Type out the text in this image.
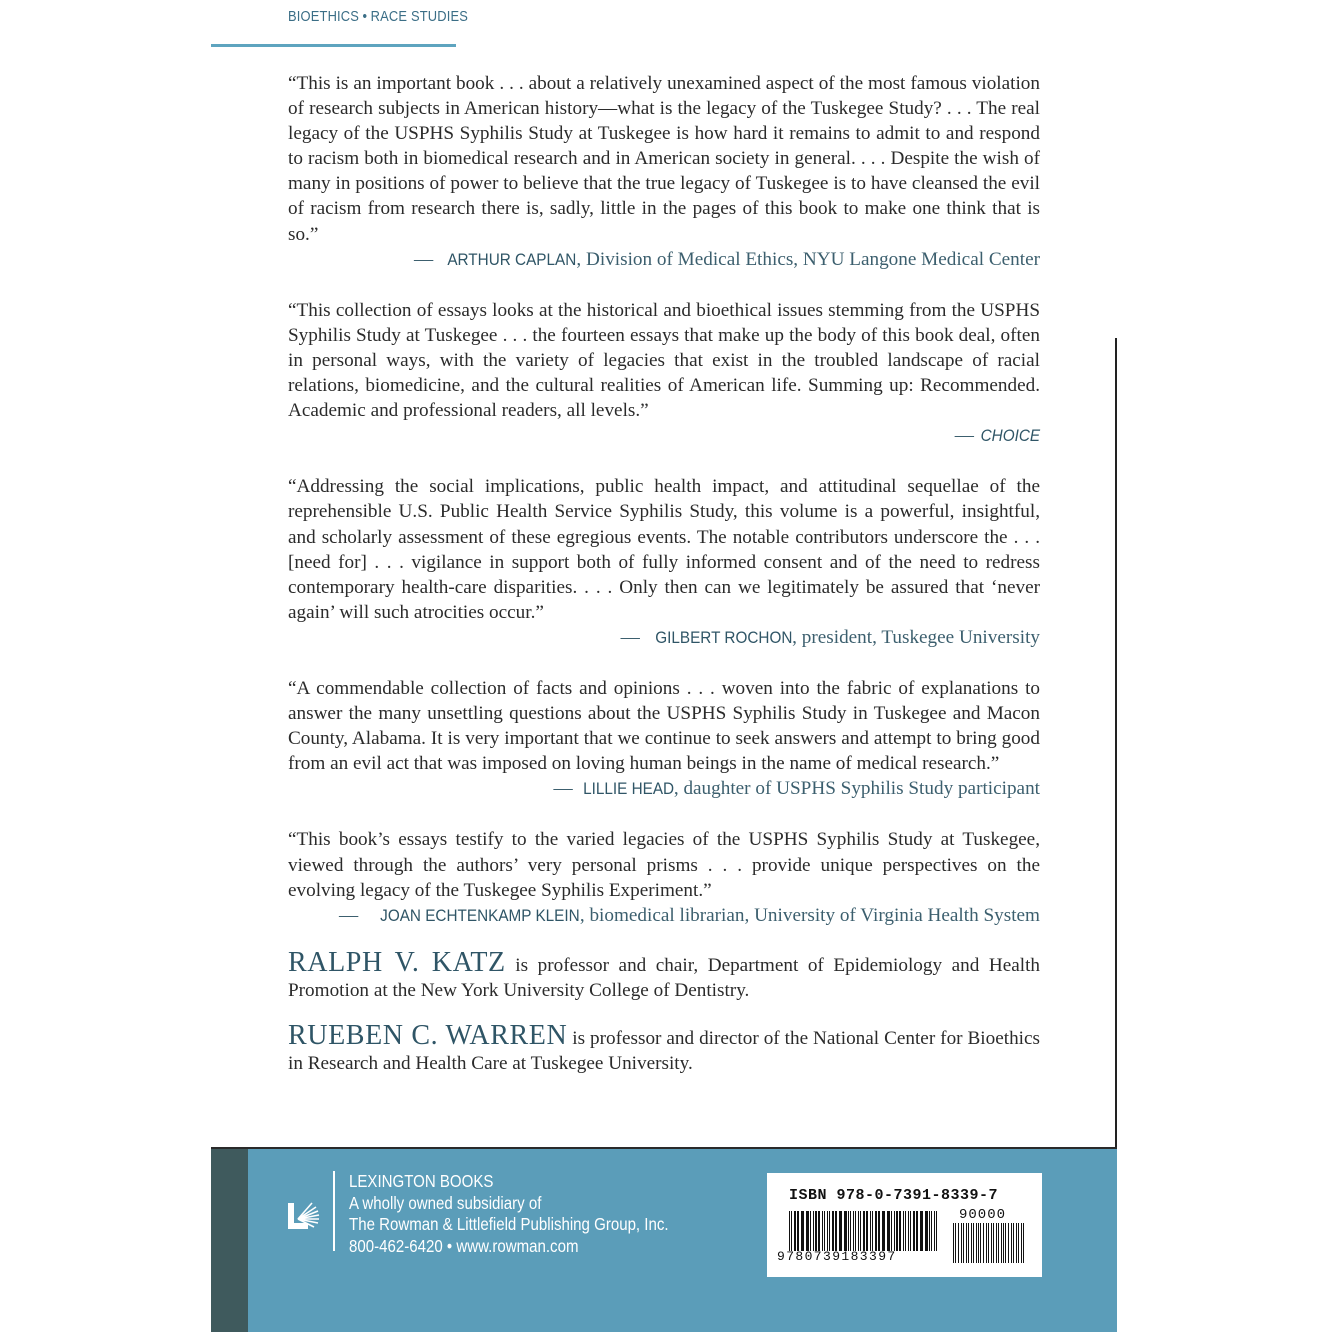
BIOETHICS • RACE STUDIES

“This is an important book . . . about a relatively unexamined aspect of the most famous violation of research subjects in American history—what is the legacy of the Tuskegee Study? . . . The real legacy of the USPHS Syphilis Study at Tuskegee is how hard it remains to admit to and respond to racism both in biomedical research and in American society in general. . . . Despite the wish of many in positions of power to believe that the true legacy of Tuskegee is to have cleansed the evil of racism from research there is, sadly, little in the pages of this book to make one think that is so.”

— ARTHUR CAPLAN, Division of Medical Ethics, NYU Langone Medical Center

“This collection of essays looks at the historical and bioethical issues stemming from the USPHS Syphilis Study at Tuskegee . . . the fourteen essays that make up the body of this book deal, often in personal ways, with the variety of legacies that exist in the troubled landscape of racial relations, biomedicine, and the cultural realities of American life. Summing up: Recommended. Academic and professional readers, all levels.”

— CHOICE

“Addressing the social implications, public health impact, and attitudinal sequellae of the reprehensible U.S. Public Health Service Syphilis Study, this volume is a powerful, insightful, and scholarly assessment of these egregious events. The notable contributors underscore the . . . [need for] . . . vigilance in support both of fully informed consent and of the need to redress contemporary health-care disparities. . . . Only then can we legitimately be assured that ‘never again’ will such atrocities occur.”

— GILBERT ROCHON, president, Tuskegee University

“A commendable collection of facts and opinions . . . woven into the fabric of explanations to answer the many unsettling questions about the USPHS Syphilis Study in Tuskegee and Macon County, Alabama. It is very important that we continue to seek answers and attempt to bring good from an evil act that was imposed on loving human beings in the name of medical research.”

— LILLIE HEAD, daughter of USPHS Syphilis Study participant

“This book’s essays testify to the varied legacies of the USPHS Syphilis Study at Tuskegee, viewed through the authors’ very personal prisms . . . provide unique perspectives on the evolving legacy of the Tuskegee Syphilis Experiment.”

— JOAN ECHTENKAMP KLEIN, biomedical librarian, University of Virginia Health System

RALPH V. KATZ is professor and chair, Department of Epidemiology and Health Promotion at the New York University College of Dentistry.

RUEBEN C. WARREN is professor and director of the National Center for Bioethics in Research and Health Care at Tuskegee University.

LEXINGTON BOOKS
A wholly owned subsidiary of
The Rowman & Littlefield Publishing Group, Inc.
800-462-6420 • www.rowman.com
ISBN 978-0-7391-8339-7
90000
9780739183397
